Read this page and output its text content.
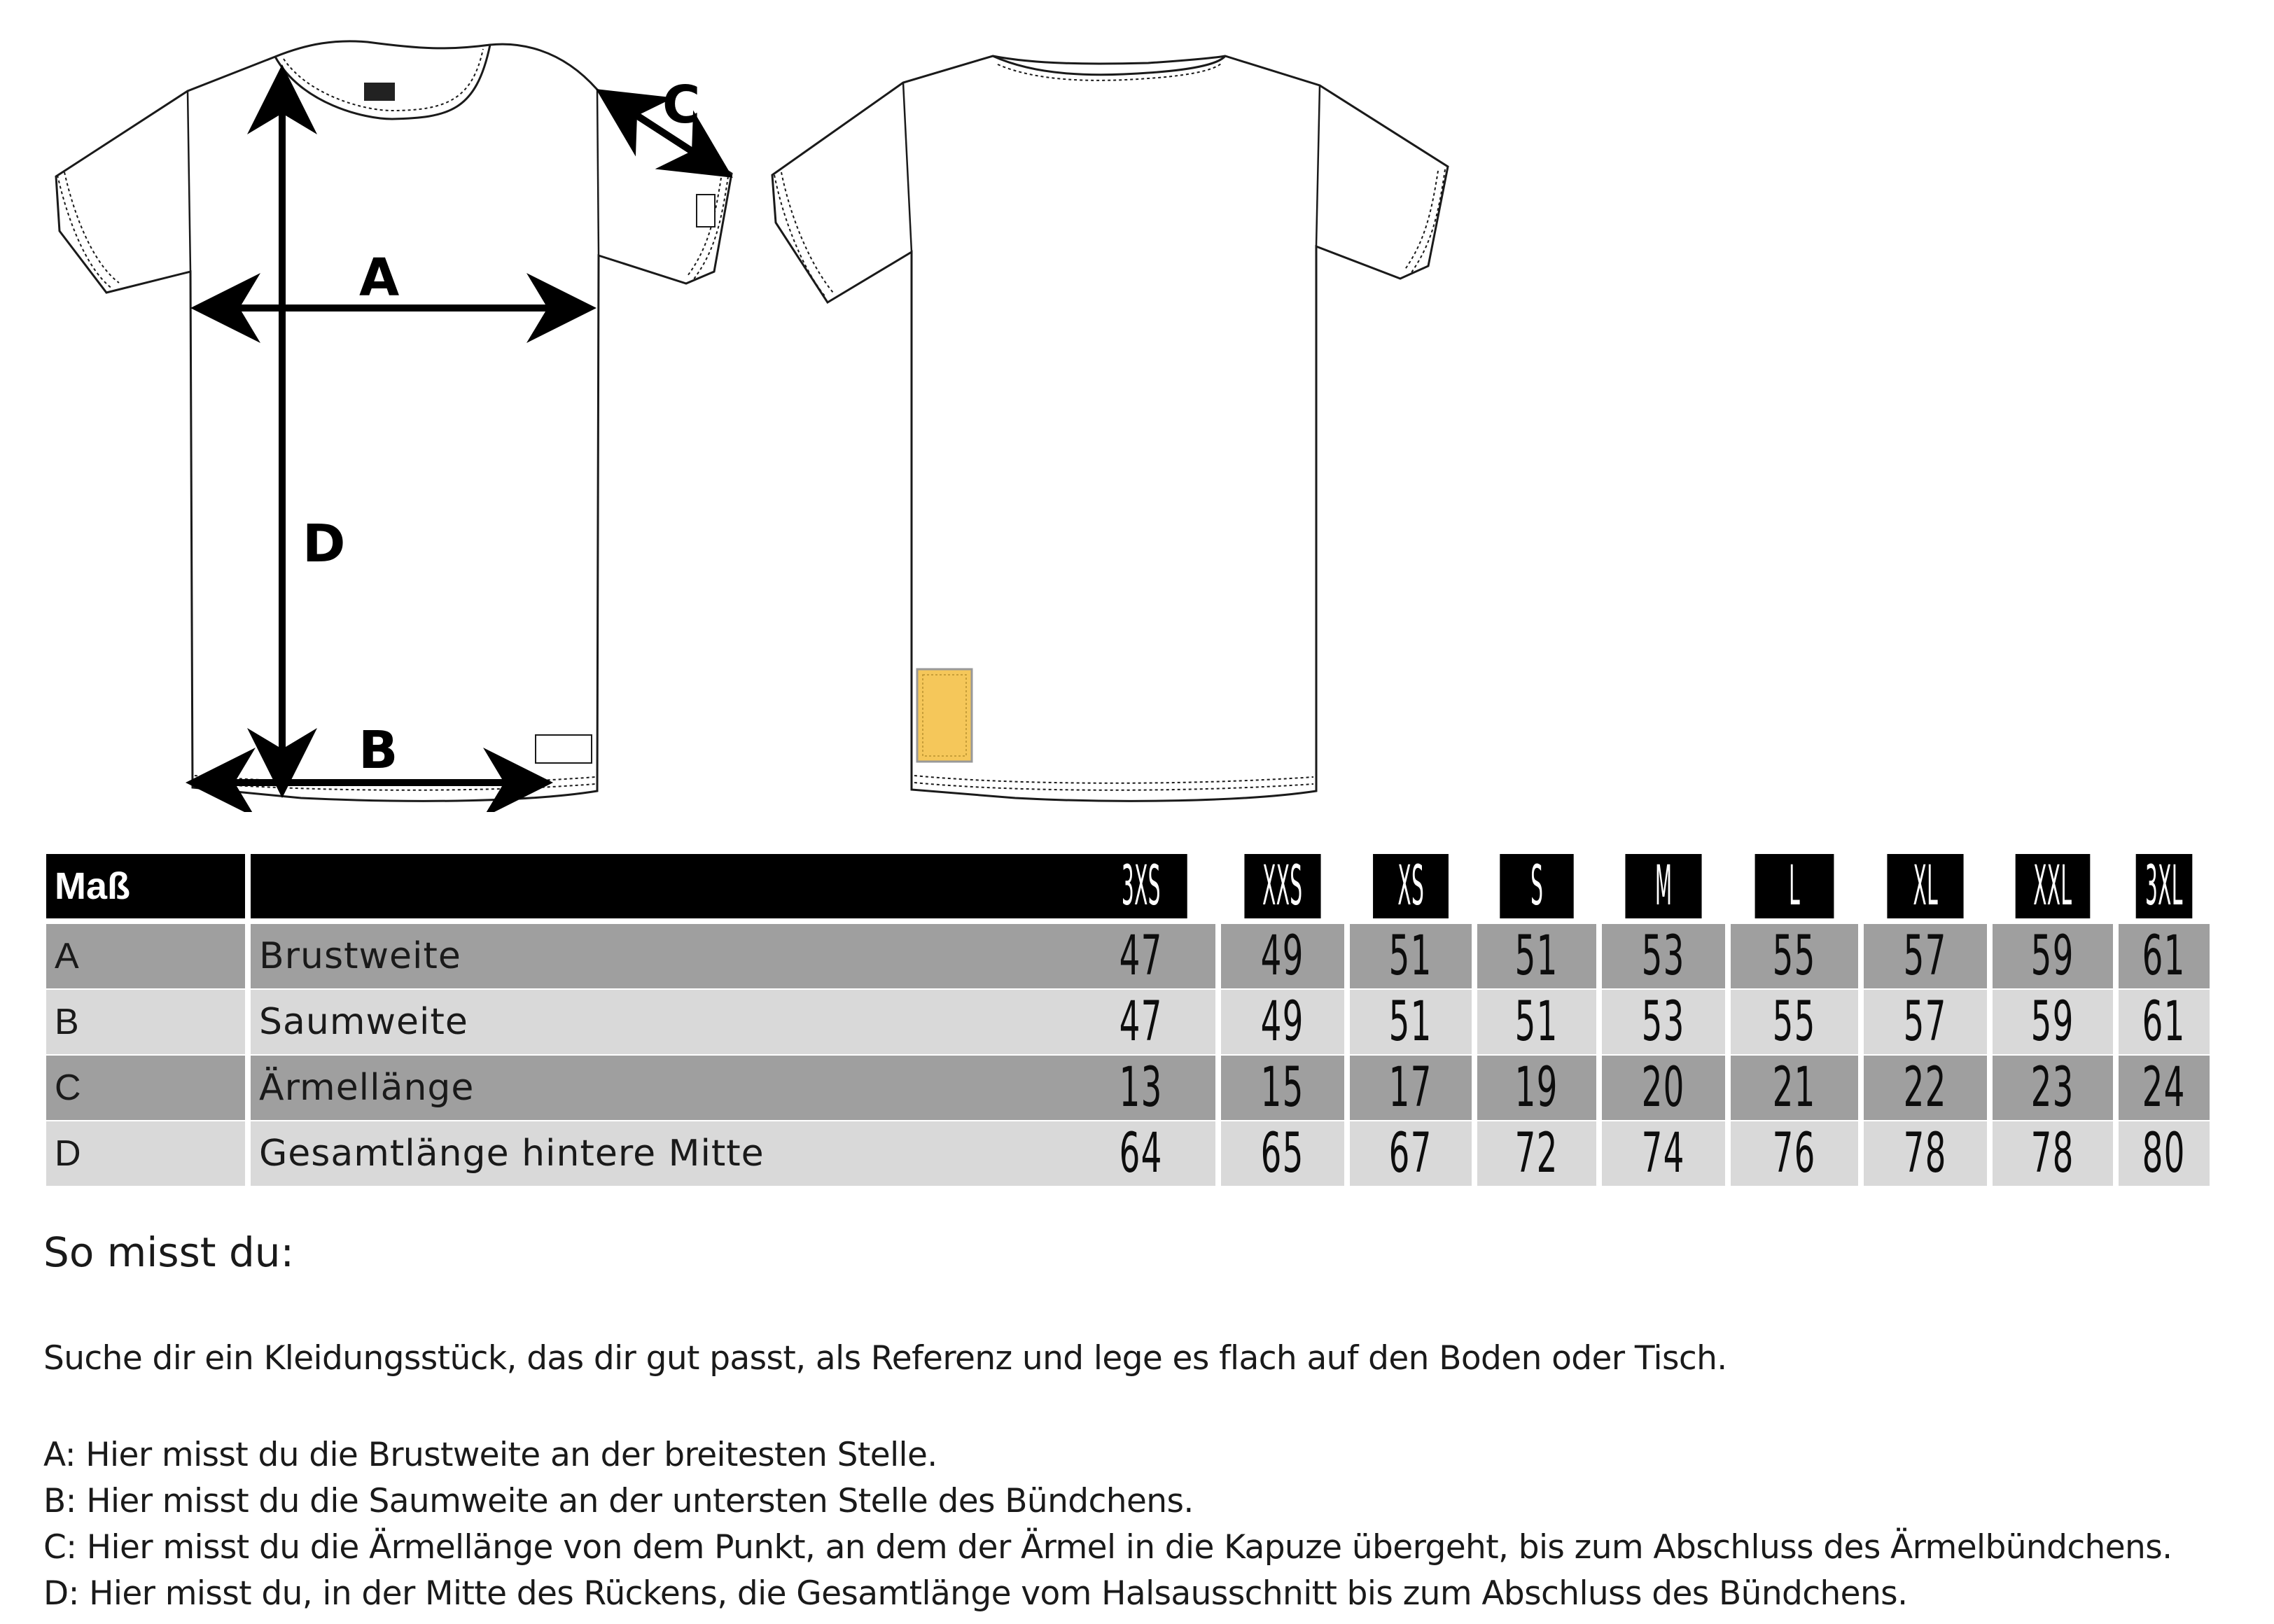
A
B
C
D
Maß	3XS XXS XS S M L XL XXL 3XL
A	Brustweite	47 49 51 51 53 55 57 59 61
B	Saumweite	47 49 51 51 53 55 57 59 61
C	Ärmellänge	13 15 17 19 20 21 22 23 24
D	Gesamtlänge hintere Mitte	64 65 67 72 74 76 78 78 80
So misst du:
Suche dir ein Kleidungsstück, das dir gut passt, als Referenz und lege es flach auf den Boden oder Tisch.
A: Hier misst du die Brustweite an der breitesten Stelle.
B: Hier misst du die Saumweite an der untersten Stelle des Bündchens.
C: Hier misst du die Ärmellänge von dem Punkt, an dem der Ärmel in die Kapuze übergeht, bis zum Abschluss des Ärmelbündchens.
D: Hier misst du, in der Mitte des Rückens, die Gesamtlänge vom Halsausschnitt bis zum Abschluss des Bündchens.
